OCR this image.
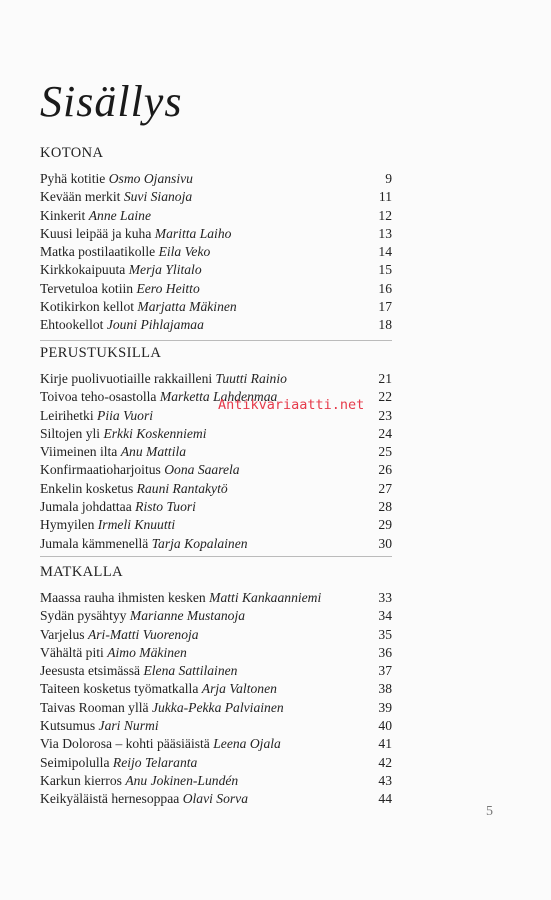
Sisällys
KOTONA
Pyhä kotitie Osmo Ojansivu	9
Kevään merkit Suvi Sianoja	11
Kinkerit Anne Laine	12
Kuusi leipää ja kuha Maritta Laiho	13
Matka postilaatikolle Eila Veko	14
Kirkkokaipuuta Merja Ylitalo	15
Tervetuloa kotiin Eero Heitto	16
Kotikirkon kellot Marjatta Mäkinen	17
Ehtookellot Jouni Pihlajamaa	18
PERUSTUKSILLA
Kirje puolivuotiaille rakkailleni Tuutti Rainio	21
Toivoa teho-osastolla Marketta Lahdenmaa	22
Leirihetki Piia Vuori	23
Siltojen yli Erkki Koskenniemi	24
Viimeinen ilta Anu Mattila	25
Konfirmaatioharjoitus Oona Saarela	26
Enkelin kosketus Rauni Rantakytö	27
Jumala johdattaa Risto Tuori	28
Hymyilen Irmeli Knuutti	29
Jumala kämmenellä Tarja Kopalainen	30
MATKALLA
Maassa rauha ihmisten kesken Matti Kankaanniemi	33
Sydän pysähtyy Marianne Mustanoja	34
Varjelus Ari-Matti Vuorenoja	35
Vähältä piti Aimo Mäkinen	36
Jeesusta etsimässä Elena Sattilainen	37
Taiteen kosketus työmatkalla Arja Valtonen	38
Taivas Rooman yllä Jukka-Pekka Palviainen	39
Kutsumus Jari Nurmi	40
Via Dolorosa – kohti pääsiäistä Leena Ojala	41
Seimipolulla Reijo Telaranta	42
Karkun kierros Anu Jokinen-Lundén	43
Keikyäläistä hernesoppaa Olavi Sorva	44
Antikvariaatti.net
5
